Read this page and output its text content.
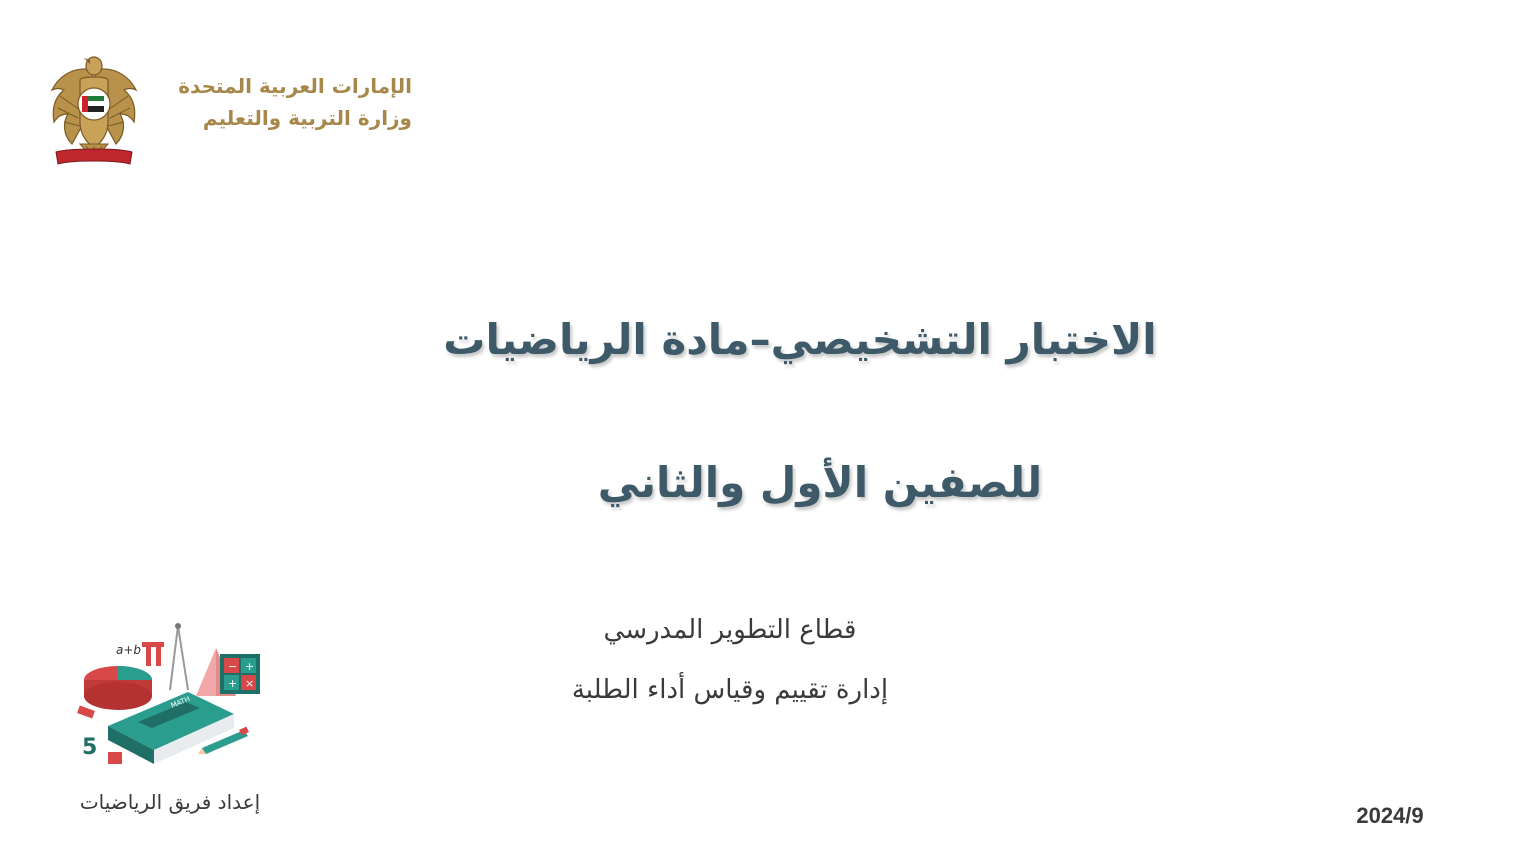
الإمارات العربية المتحدة
وزارة التربية والتعليم
الاختبار التشخيصي–مادة الرياضيات
للصفين الأول والثاني
قطاع التطوير المدرسي
إدارة تقييم وقياس أداء الطلبة
a+b
− +
+ ×
MATH
5
إعداد فريق الرياضيات
2024/9
